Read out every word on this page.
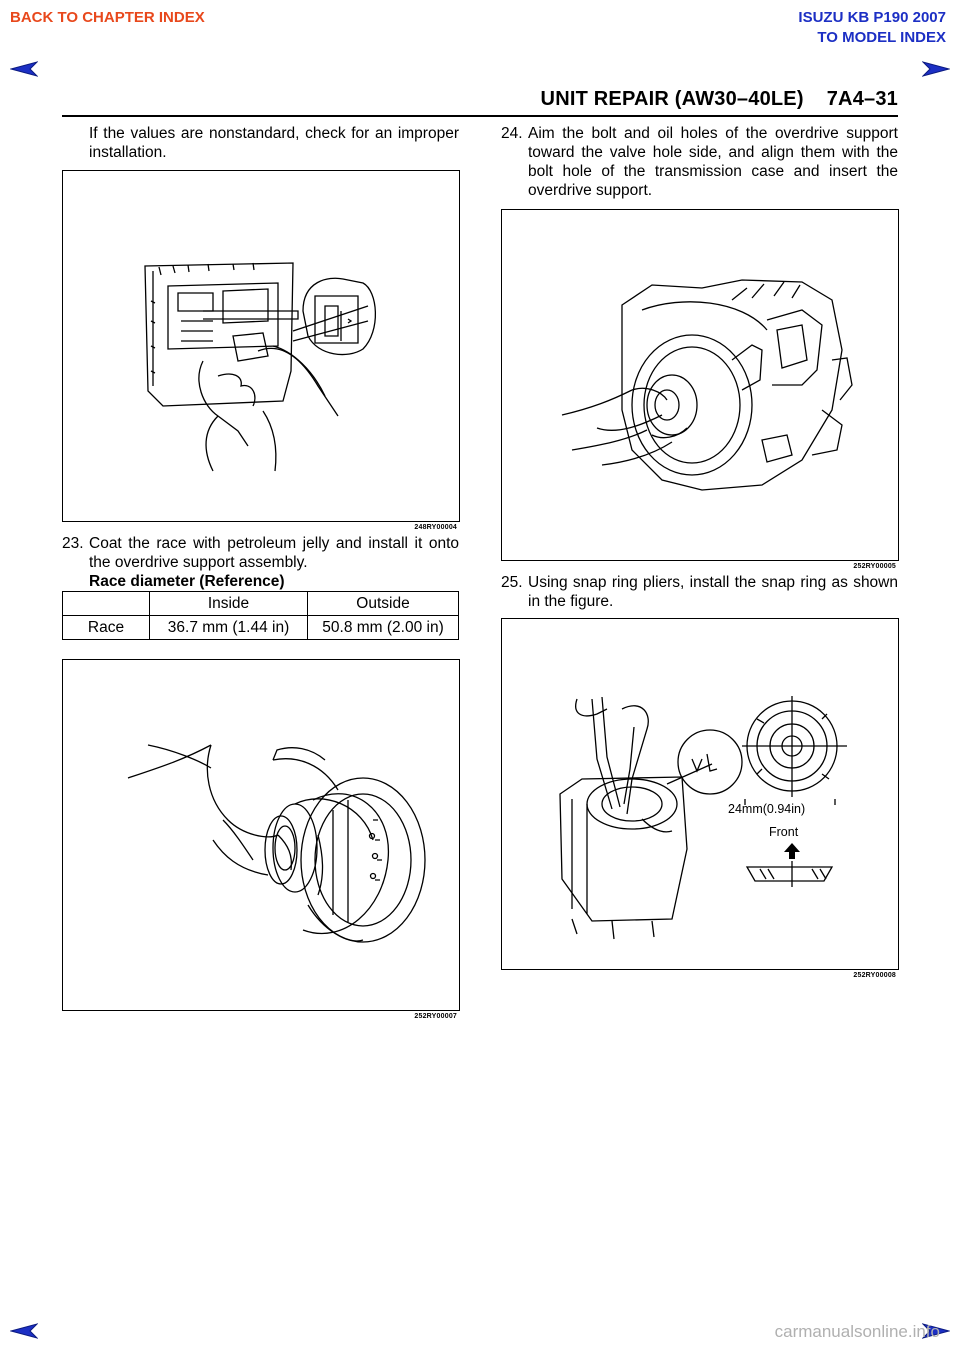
BACK TO CHAPTER INDEX	ISUZU KB P190 2007
TO MODEL INDEX
UNIT REPAIR (AW30–40LE)    7A4–31
If the values are nonstandard, check for an improper installation.
248RY00004
23. Coat the race with petroleum jelly and install it onto the overdrive support assembly.
Race diameter (Reference)
	Inside	Outside
Race	36.7 mm (1.44 in)	50.8 mm (2.00 in)
252RY00007
24. Aim the bolt and oil holes of the overdrive support toward the valve hole side, and align them with the bolt hole of the transmission case and insert the overdrive support.
252RY00005
25. Using snap ring pliers, install the snap ring as shown in the figure.
24mm(0.94in)
Front
252RY00008
carmanualsonline.info
